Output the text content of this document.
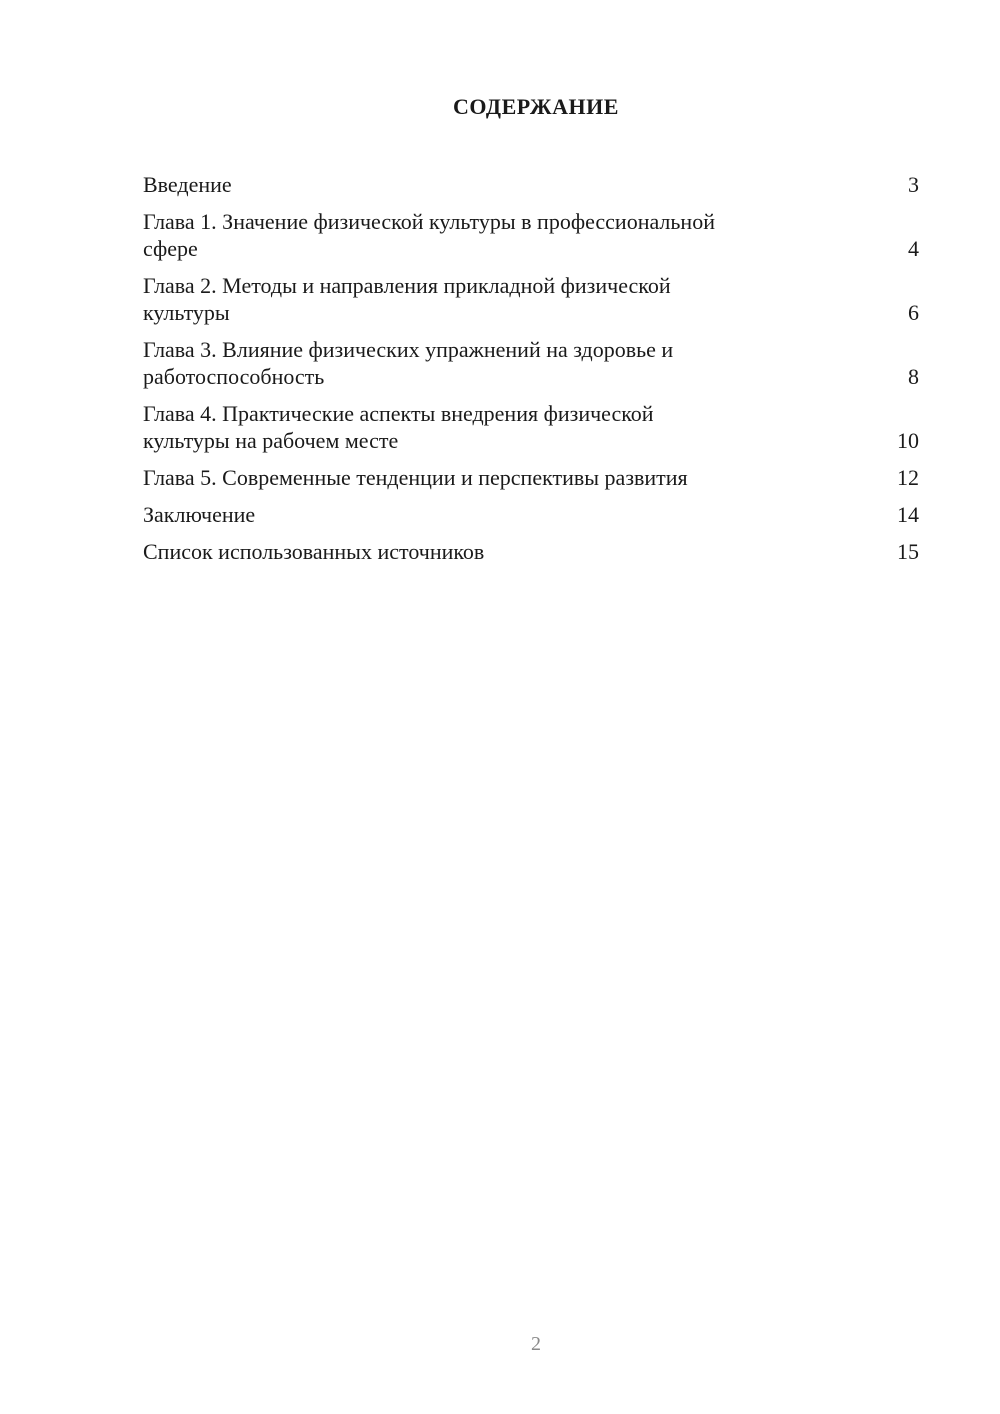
СОДЕРЖАНИЕ
Введение	3
Глава 1. Значение физической культуры в профессиональной
сфере	4
Глава 2. Методы и направления прикладной физической
культуры	6
Глава 3. Влияние физических упражнений на здоровье и
работоспособность	8
Глава 4. Практические аспекты внедрения физической
культуры на рабочем месте	10
Глава 5. Современные тенденции и перспективы развития	12
Заключение	14
Список использованных источников	15
2
